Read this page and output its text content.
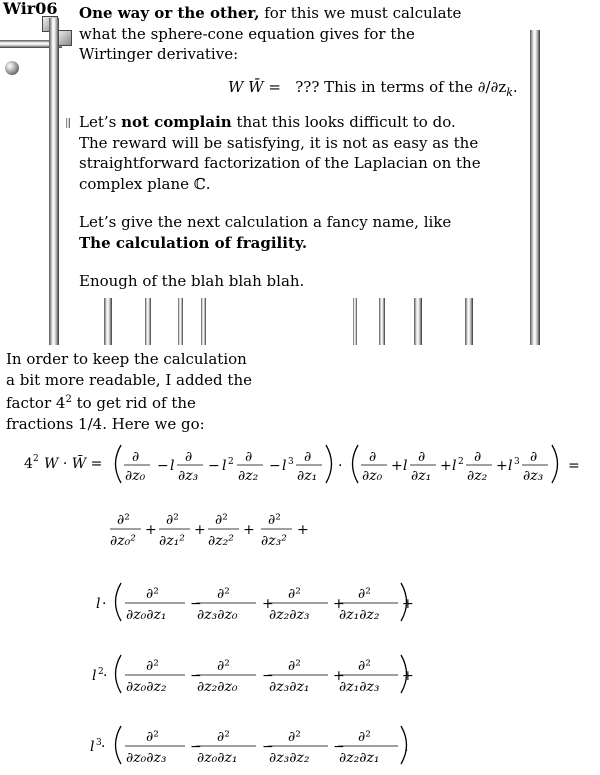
Wir06 One way or the other, for this we must calculate
what the sphere-cone equation gives for the
Wirtinger derivative:
W W̄ = ??? This in terms of the $\partial/\partial z_k$.
Let’s not complain that this looks difficult to do.
The reward will be satisfying, it is not as easy as the
straightforward factorization of the Laplacian on the
complex plane ℂ.
Let’s give the next calculation a fancy name, like
The calculation of fragility.
Enough of the blah blah blah.
In order to keep the calculation
a bit more readable, I added the
factor $4^2$ to get rid of the
fractions 1/4. Here we go:
4 2 W · W̄ = ∂
∂z₀
− l
∂
∂z₃
− l 2 ∂
∂z₂
− l 3 ∂
∂z₁
·
∂
∂z₀
+ l
∂
∂z₁
+ l 2 ∂
∂z₂
+ l 3 ∂
∂z₃
=
∂²
∂z₀²
+
∂²
∂z₁²
+
∂²
∂z₂²
+
∂²
∂z₃²
+
l ·
∂²
∂z₀∂z₁
−
∂²
∂z₃∂z₀
+
∂²
∂z₂∂z₃
+
∂²
∂z₁∂z₂
+
l 2 ·
∂²
∂z₀∂z₂
−
∂²
∂z₂∂z₀
−
∂²
∂z₃∂z₁
+
∂²
∂z₁∂z₃
+
l 3 ·
∂²
∂z₀∂z₃
−
∂²
∂z₀∂z₁
−
∂²
∂z₃∂z₂
−
∂²
∂z₂∂z₁
.
